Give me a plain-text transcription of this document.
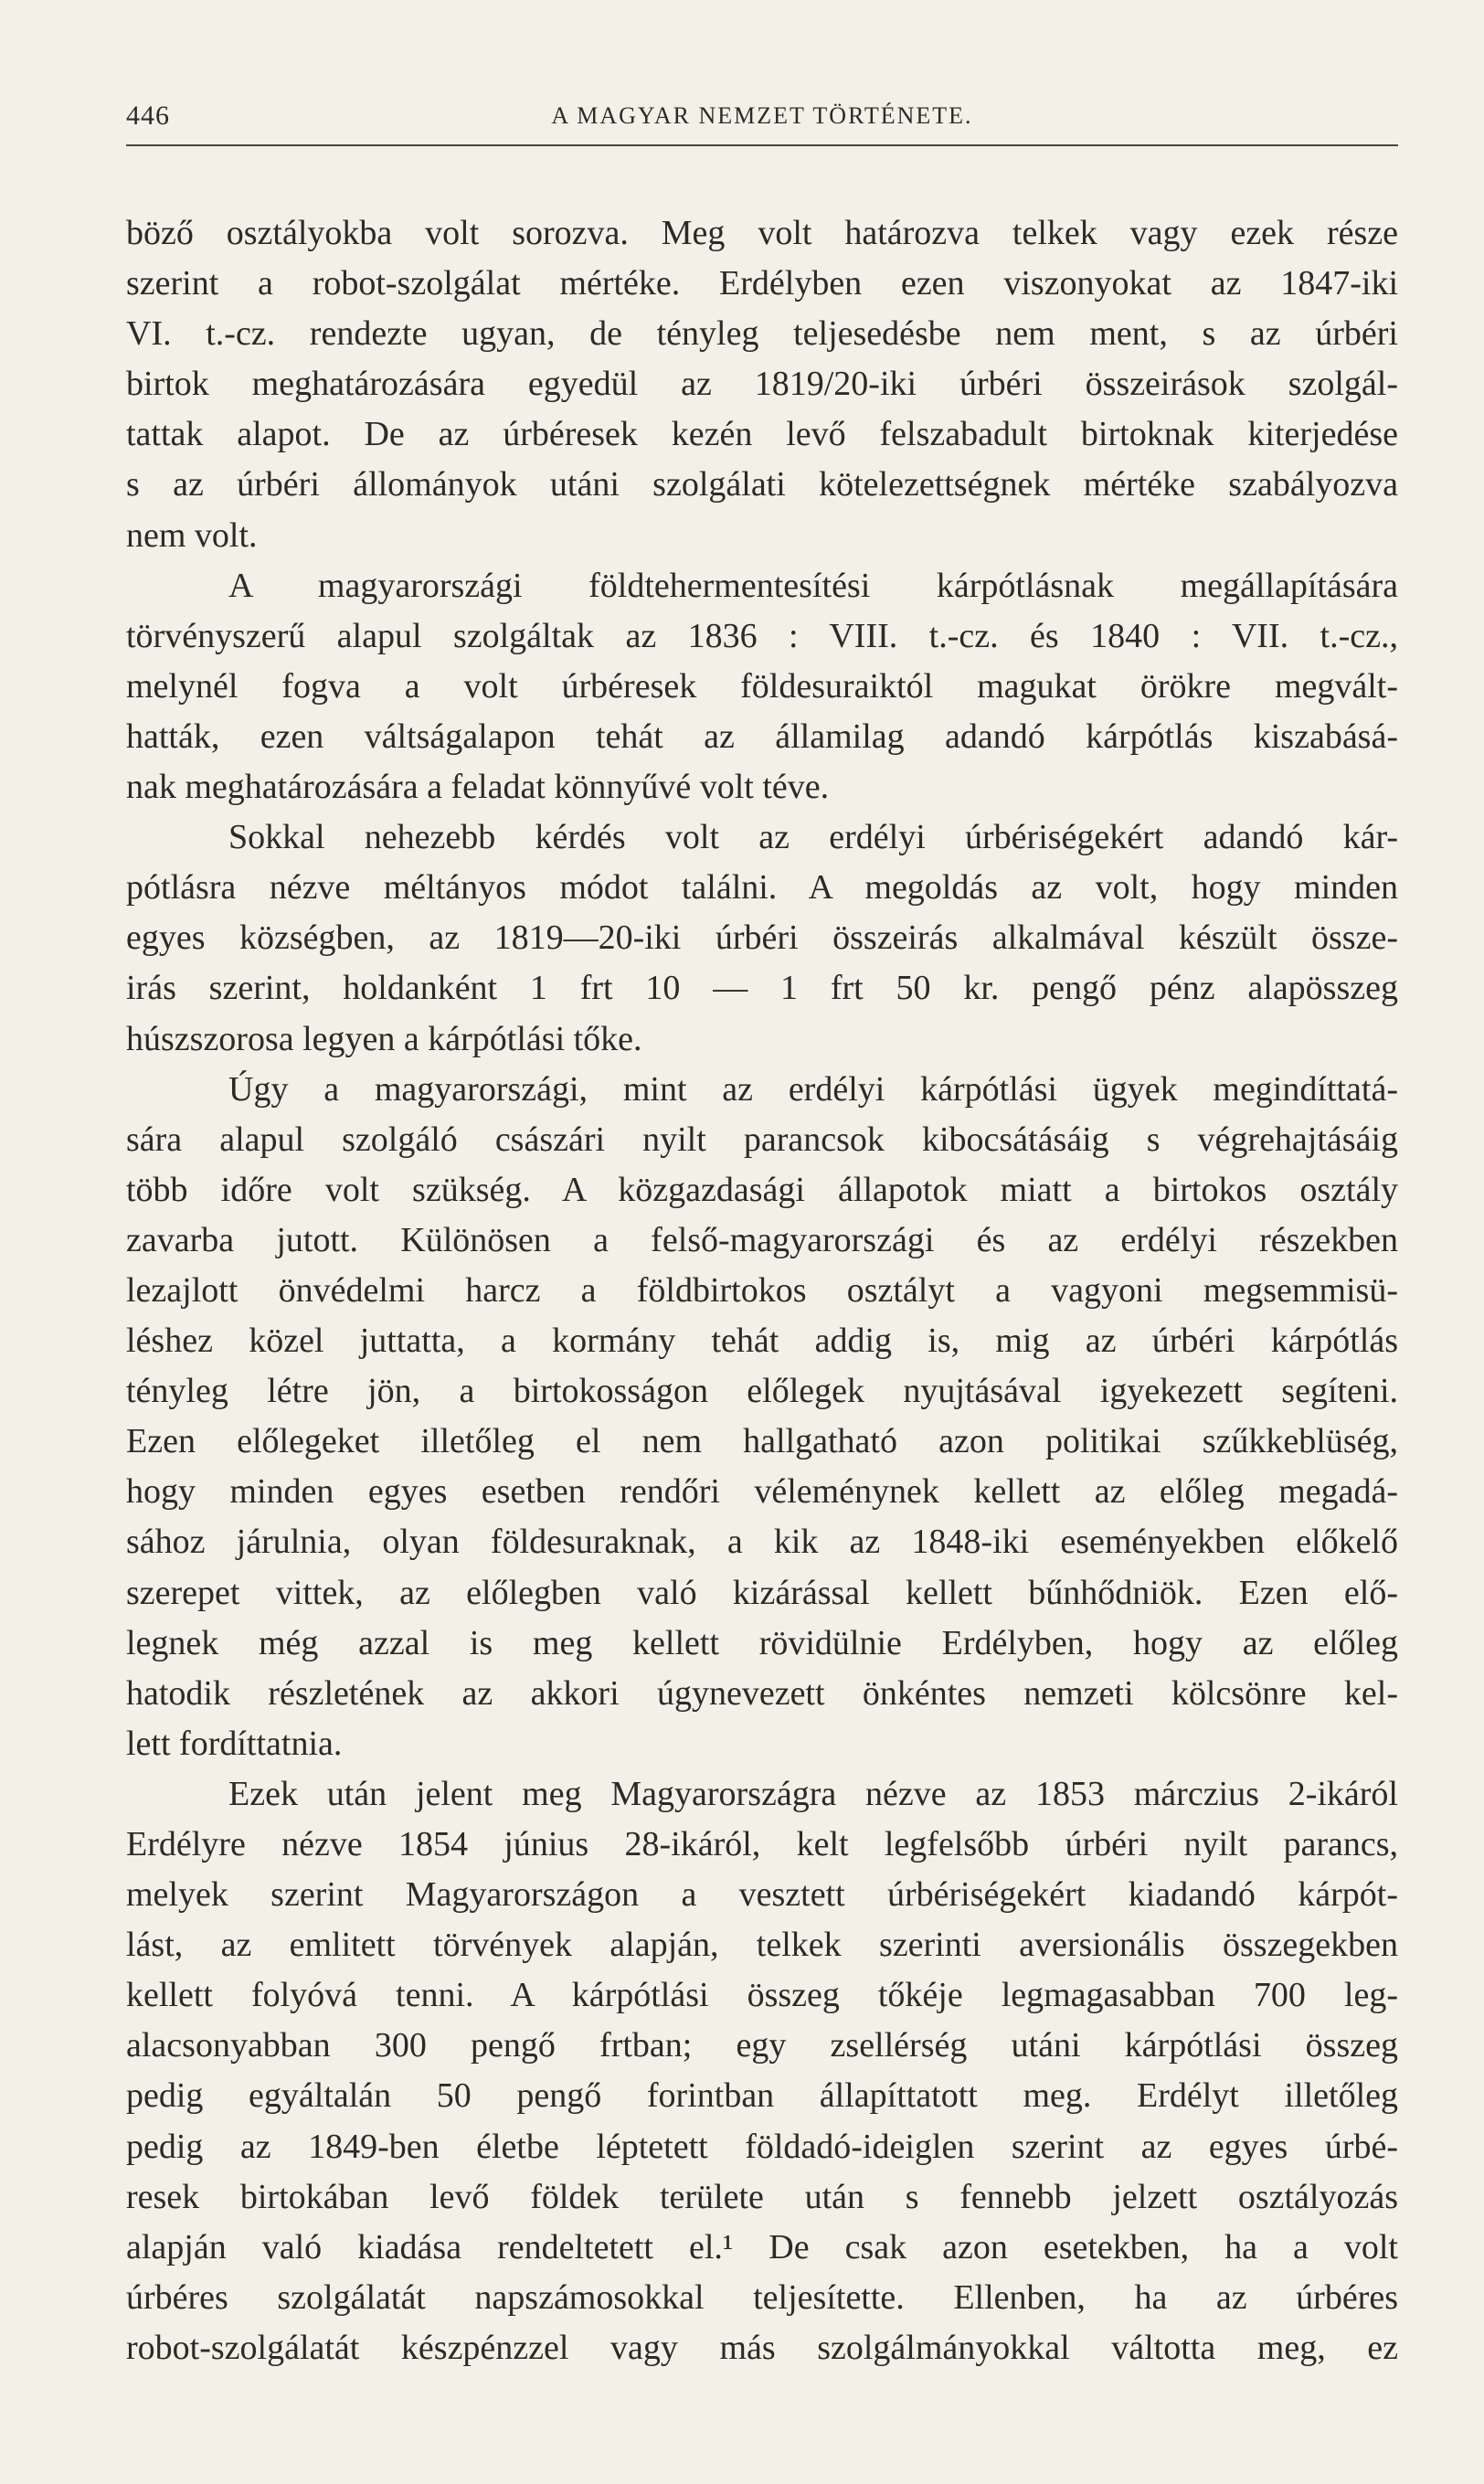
446	A MAGYAR NEMZET TÖRTÉNETE.
böző osztályokba volt sorozva. Meg volt határozva telkek vagy ezek része
szerint a robot-szolgálat mértéke. Erdélyben ezen viszonyokat az 1847-iki
VI. t.-cz. rendezte ugyan, de tényleg teljesedésbe nem ment, s az úrbéri
birtok meghatározására egyedül az 1819/20-iki úrbéri összeirások szolgál-
tattak alapot. De az úrbéresek kezén levő felszabadult birtoknak kiterjedése
s az úrbéri állományok utáni szolgálati kötelezettségnek mértéke szabályozva
nem volt.
A magyarországi földtehermentesítési kárpótlásnak megállapítására
törvényszerű alapul szolgáltak az 1836 : VIII. t.-cz. és 1840 : VII. t.-cz.,
melynél fogva a volt úrbéresek földesuraiktól magukat örökre megvált-
hatták, ezen váltságalapon tehát az államilag adandó kárpótlás kiszabásá-
nak meghatározására a feladat könnyűvé volt téve.
Sokkal nehezebb kérdés volt az erdélyi úrbériségekért adandó kár-
pótlásra nézve méltányos módot találni. A megoldás az volt, hogy minden
egyes községben, az 1819—20-iki úrbéri összeirás alkalmával készült össze-
irás szerint, holdanként 1 frt 10 — 1 frt 50 kr. pengő pénz alapösszeg
húszszorosa legyen a kárpótlási tőke.
Úgy a magyarországi, mint az erdélyi kárpótlási ügyek megindíttatá-
sára alapul szolgáló császári nyilt parancsok kibocsátásáig s végrehajtásáig
több időre volt szükség. A közgazdasági állapotok miatt a birtokos osztály
zavarba jutott. Különösen a felső-magyarországi és az erdélyi részekben
lezajlott önvédelmi harcz a földbirtokos osztályt a vagyoni megsemmisü-
léshez közel juttatta, a kormány tehát addig is, mig az úrbéri kárpótlás
tényleg létre jön, a birtokosságon előlegek nyujtásával igyekezett segíteni.
Ezen előlegeket illetőleg el nem hallgatható azon politikai szűkkeblüség,
hogy minden egyes esetben rendőri véleménynek kellett az előleg megadá-
sához járulnia, olyan földesuraknak, a kik az 1848-iki eseményekben előkelő
szerepet vittek, az előlegben való kizárással kellett bűnhődniök. Ezen elő-
legnek még azzal is meg kellett rövidülnie Erdélyben, hogy az előleg
hatodik részletének az akkori úgynevezett önkéntes nemzeti kölcsönre kel-
lett fordíttatnia.
Ezek után jelent meg Magyarországra nézve az 1853 márczius 2-ikáról
Erdélyre nézve 1854 június 28-ikáról, kelt legfelsőbb úrbéri nyilt parancs,
melyek szerint Magyarországon a vesztett úrbériségekért kiadandó kárpót-
lást, az emlitett törvények alapján, telkek szerinti aversionális összegekben
kellett folyóvá tenni. A kárpótlási összeg tőkéje legmagasabban 700 leg-
alacsonyabban 300 pengő frtban; egy zsellérség utáni kárpótlási összeg
pedig egyáltalán 50 pengő forintban állapíttatott meg. Erdélyt illetőleg
pedig az 1849-ben életbe léptetett földadó-ideiglen szerint az egyes úrbé-
resek birtokában levő földek területe után s fennebb jelzett osztályozás
alapján való kiadása rendeltetett el.¹ De csak azon esetekben, ha a volt
úrbéres szolgálatát napszámosokkal teljesítette. Ellenben, ha az úrbéres
robot-szolgálatát készpénzzel vagy más szolgálmányokkal váltotta meg, ez
